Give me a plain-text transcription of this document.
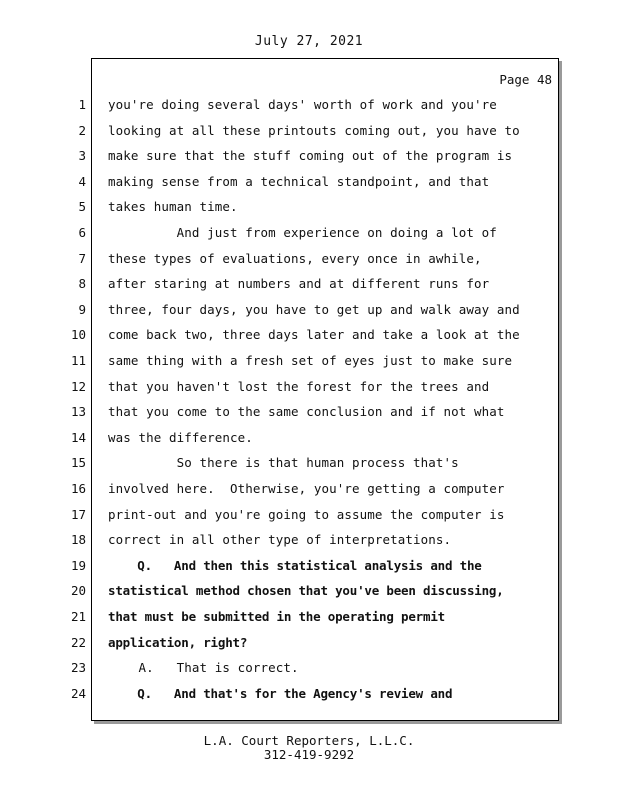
July 27, 2021
Page 48
1
2
3
4
5
6
7
8
9
10
11
12
13
14
15
16
17
18
19
20
21
22
23
24
you're doing several days' worth of work and you're
looking at all these printouts coming out, you have to
make sure that the stuff coming out of the program is
making sense from a technical standpoint, and that
takes human time.
And just from experience on doing a lot of
these types of evaluations, every once in awhile,
after staring at numbers and at different runs for
three, four days, you have to get up and walk away and
come back two, three days later and take a look at the
same thing with a fresh set of eyes just to make sure
that you haven't lost the forest for the trees and
that you come to the same conclusion and if not what
was the difference.
So there is that human process that's
involved here.  Otherwise, you're getting a computer
print-out and you're going to assume the computer is
correct in all other type of interpretations.
Q.   And then this statistical analysis and the
statistical method chosen that you've been discussing,
that must be submitted in the operating permit
application, right?
A.   That is correct.
Q.   And that's for the Agency's review and
L.A. Court Reporters, L.L.C.
312-419-9292
